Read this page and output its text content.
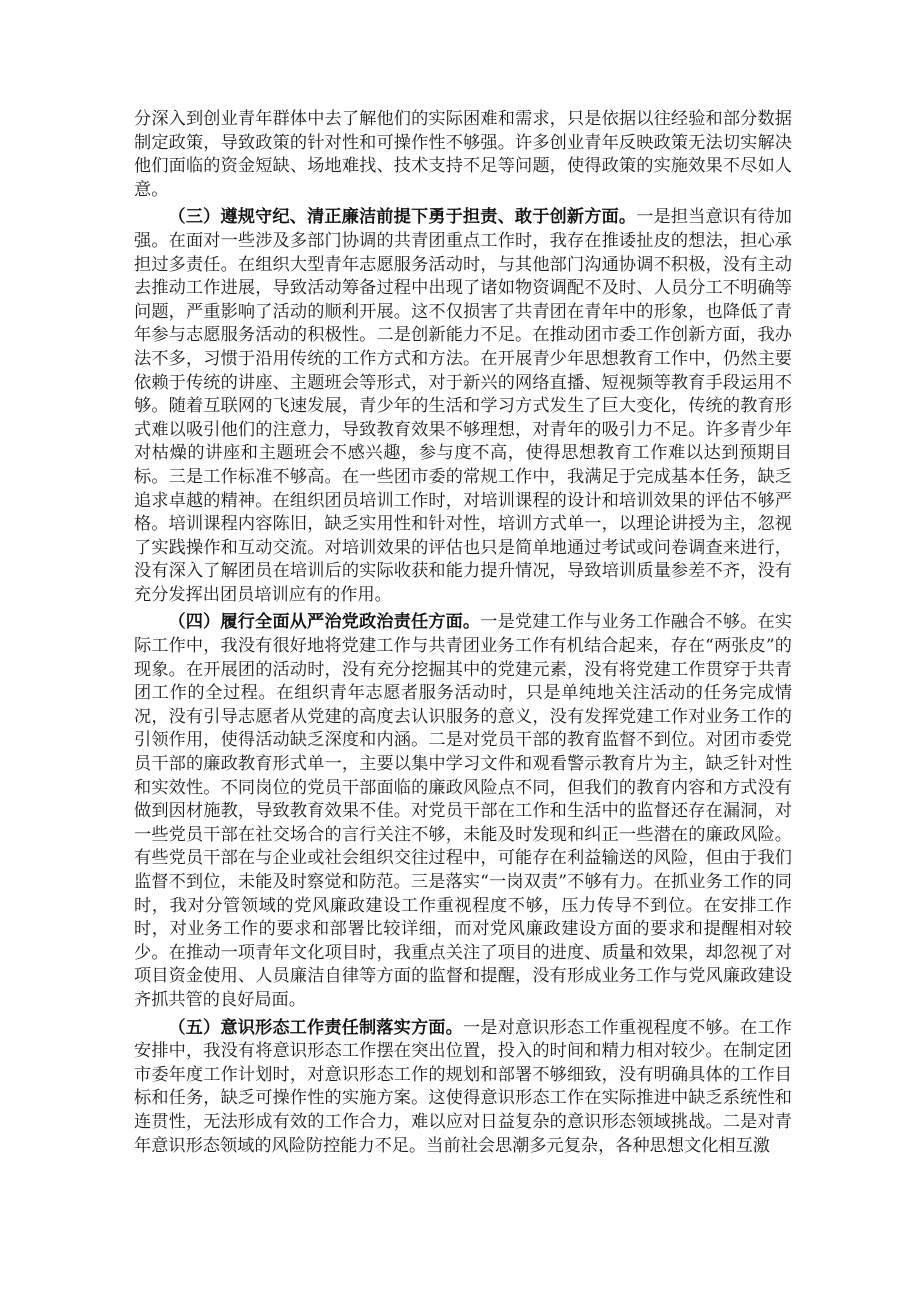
分深入到创业青年群体中去了解他们的实际困难和需求，只是依据以往经验和部分数据制定政策，导致政策的针对性和可操作性不够强。许多创业青年反映政策无法切实解决他们面临的资金短缺、场地难找、技术支持不足等问题，使得政策的实施效果不尽如人意。

（三）遵规守纪、清正廉洁前提下勇于担责、敢于创新方面。一是担当意识有待加强。在面对一些涉及多部门协调的共青团重点工作时，我存在推诿扯皮的想法，担心承担过多责任。在组织大型青年志愿服务活动时，与其他部门沟通协调不积极，没有主动去推动工作进展，导致活动筹备过程中出现了诸如物资调配不及时、人员分工不明确等问题，严重影响了活动的顺利开展。这不仅损害了共青团在青年中的形象，也降低了青年参与志愿服务活动的积极性。二是创新能力不足。在推动团市委工作创新方面，我办法不多，习惯于沿用传统的工作方式和方法。在开展青少年思想教育工作中，仍然主要依赖于传统的讲座、主题班会等形式，对于新兴的网络直播、短视频等教育手段运用不够。随着互联网的飞速发展，青少年的生活和学习方式发生了巨大变化，传统的教育形式难以吸引他们的注意力，导致教育效果不够理想，对青年的吸引力不足。许多青少年对枯燥的讲座和主题班会不感兴趣，参与度不高，使得思想教育工作难以达到预期目标。三是工作标准不够高。在一些团市委的常规工作中，我满足于完成基本任务，缺乏追求卓越的精神。在组织团员培训工作时，对培训课程的设计和培训效果的评估不够严格。培训课程内容陈旧，缺乏实用性和针对性，培训方式单一，以理论讲授为主，忽视了实践操作和互动交流。对培训效果的评估也只是简单地通过考试或问卷调查来进行，没有深入了解团员在培训后的实际收获和能力提升情况，导致培训质量参差不齐，没有充分发挥出团员培训应有的作用。

（四）履行全面从严治党政治责任方面。一是党建工作与业务工作融合不够。在实际工作中，我没有很好地将党建工作与共青团业务工作有机结合起来，存在“两张皮”的现象。在开展团的活动时，没有充分挖掘其中的党建元素，没有将党建工作贯穿于共青团工作的全过程。在组织青年志愿者服务活动时，只是单纯地关注活动的任务完成情况，没有引导志愿者从党建的高度去认识服务的意义，没有发挥党建工作对业务工作的引领作用，使得活动缺乏深度和内涵。二是对党员干部的教育监督不到位。对团市委党员干部的廉政教育形式单一，主要以集中学习文件和观看警示教育片为主，缺乏针对性和实效性。不同岗位的党员干部面临的廉政风险点不同，但我们的教育内容和方式没有做到因材施教，导致教育效果不佳。对党员干部在工作和生活中的监督还存在漏洞，对一些党员干部在社交场合的言行关注不够，未能及时发现和纠正一些潜在的廉政风险。有些党员干部在与企业或社会组织交往过程中，可能存在利益输送的风险，但由于我们监督不到位，未能及时察觉和防范。三是落实“一岗双责”不够有力。在抓业务工作的同时，我对分管领域的党风廉政建设工作重视程度不够，压力传导不到位。在安排工作时，对业务工作的要求和部署比较详细，而对党风廉政建设方面的要求和提醒相对较少。在推动一项青年文化项目时，我重点关注了项目的进度、质量和效果，却忽视了对项目资金使用、人员廉洁自律等方面的监督和提醒，没有形成业务工作与党风廉政建设齐抓共管的良好局面。

（五）意识形态工作责任制落实方面。一是对意识形态工作重视程度不够。在工作安排中，我没有将意识形态工作摆在突出位置，投入的时间和精力相对较少。在制定团市委年度工作计划时，对意识形态工作的规划和部署不够细致，没有明确具体的工作目标和任务，缺乏可操作性的实施方案。这使得意识形态工作在实际推进中缺乏系统性和连贯性，无法形成有效的工作合力，难以应对日益复杂的意识形态领域挑战。二是对青年意识形态领域的风险防控能力不足。当前社会思潮多元复杂，各种思想文化相互激
